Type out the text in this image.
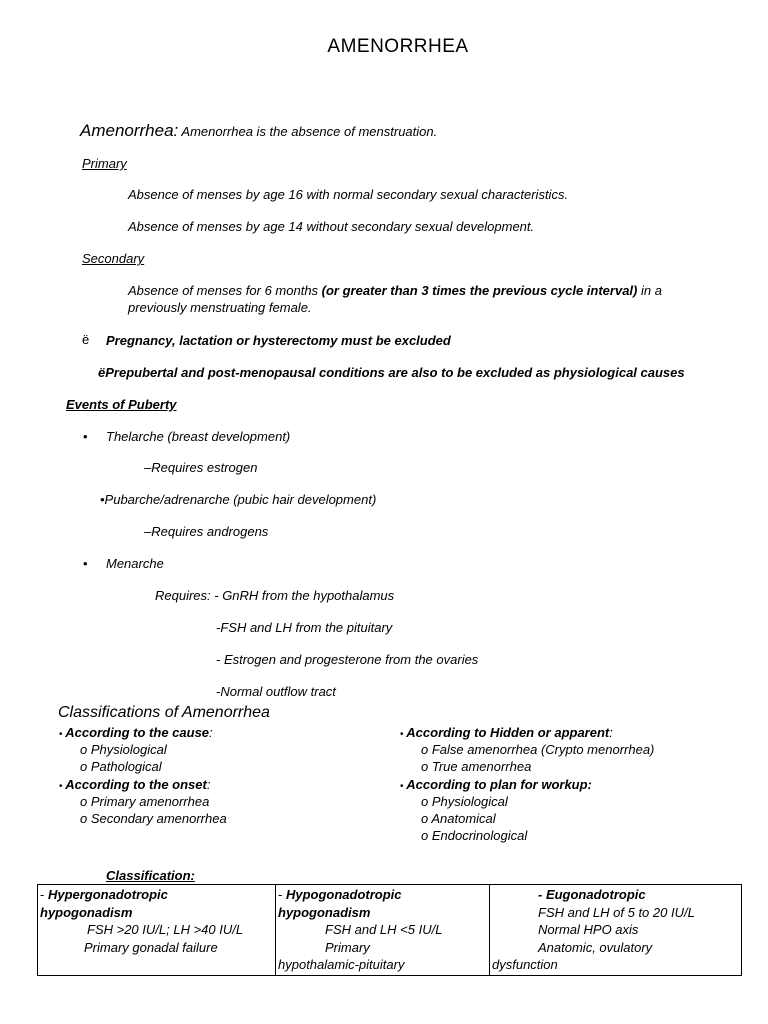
AMENORRHEA
Amenorrhea: Amenorrhea is the absence of menstruation.
Primary
Absence of menses by age 16 with normal secondary sexual characteristics.
Absence of menses by age 14 without secondary sexual development.
Secondary
Absence of menses for 6 months (or greater than 3 times the previous cycle interval) in a
previously menstruating female.
ë Pregnancy, lactation or hysterectomy must be excluded
ëPrepubertal and post-menopausal conditions are also to be excluded as physiological causes
Events of Puberty
• Thelarche (breast development)
–Requires estrogen
•Pubarche/adrenarche (pubic hair development)
–Requires androgens
• Menarche
Requires: - GnRH from the hypothalamus
-FSH and LH from the pituitary
- Estrogen and progesterone from the ovaries
-Normal outflow tract
Classifications of Amenorrhea
• According to the cause:
o Physiological
o Pathological
• According to the onset:
o Primary amenorrhea
o Secondary amenorrhea
• According to Hidden or apparent:
o False amenorrhea (Crypto menorrhea)
o True amenorrhea
• According to plan for workup:
o Physiological
o Anatomical
o Endocrinological
Classification:
- Hypergonadotropic
hypogonadism
FSH >20 IU/L; LH >40 IU/L
Primary gonadal failure
	- Hypogonadotropic
hypogonadism
FSH and LH <5 IU/L
Primary
hypothalamic-pituitary

- Eugonadotropic
FSH and LH of 5 to 20 IU/L
Normal HPO axis
Anatomic, ovulatory
dysfunction
